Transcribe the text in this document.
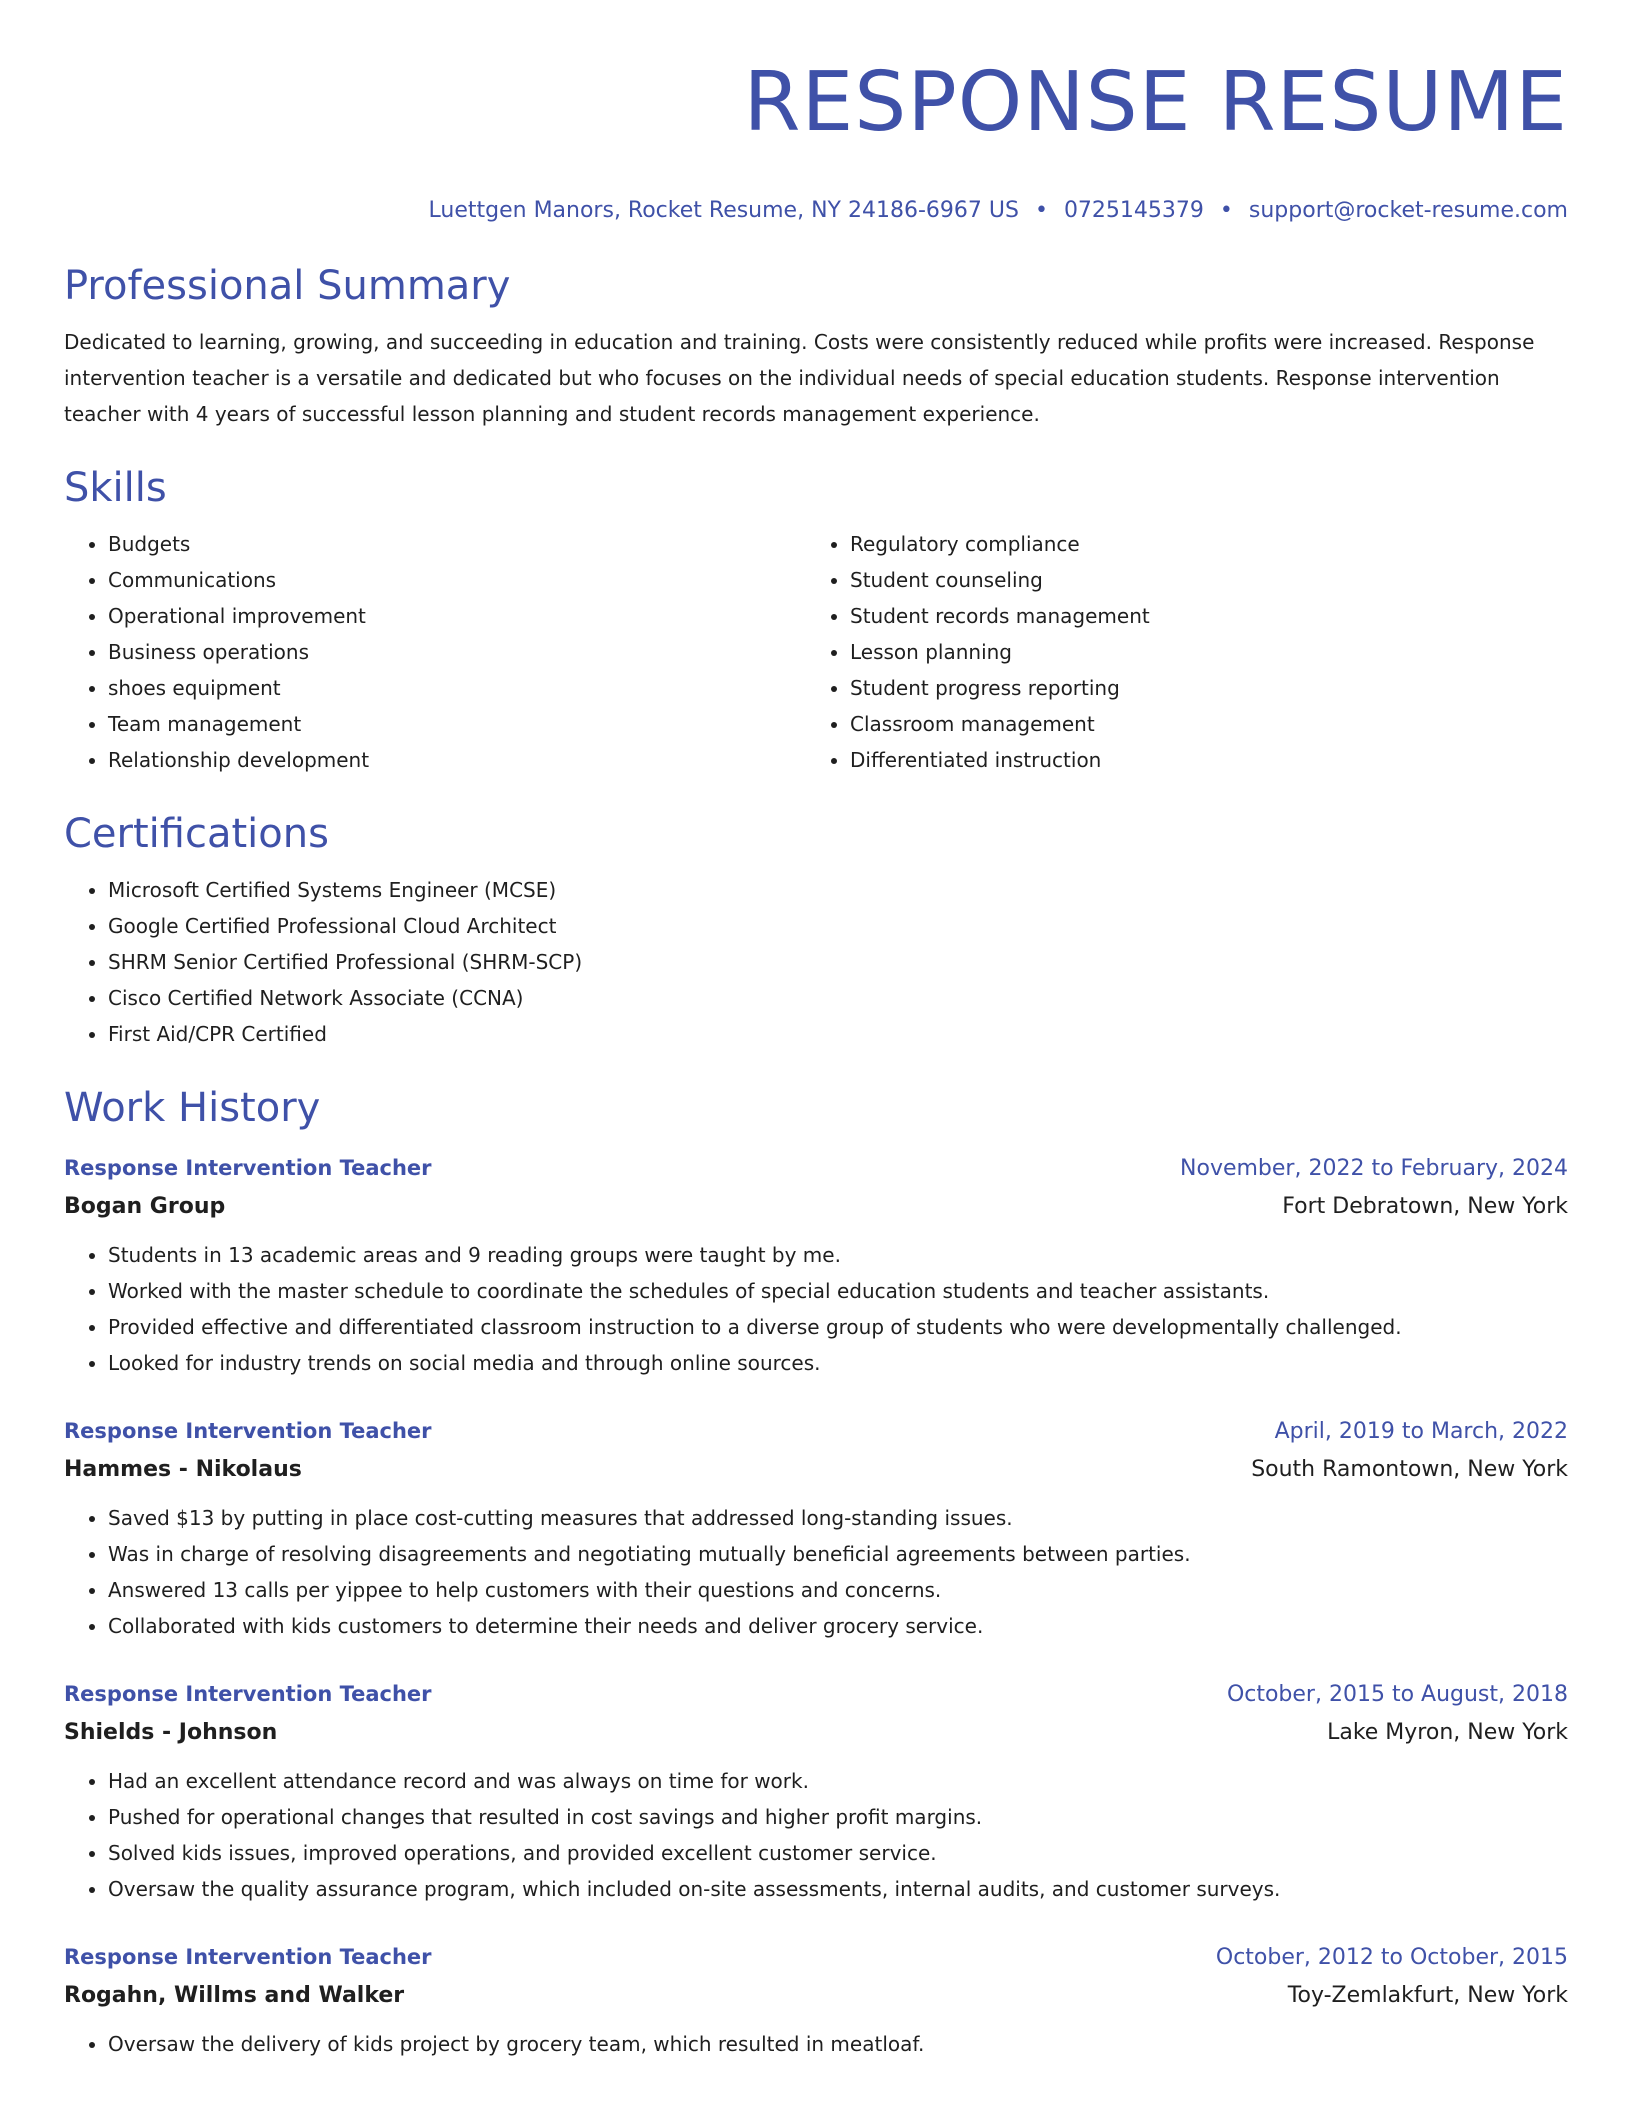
RESPONSE RESUME
Luettgen Manors, Rocket Resume, NY 24186-6967 US • 0725145379 • support@rocket-resume.com
Professional Summary
Dedicated to learning, growing, and succeeding in education and training. Costs were consistently reduced while profits were increased. Response intervention teacher is a versatile and dedicated but who focuses on the individual needs of special education students. Response intervention teacher with 4 years of successful lesson planning and student records management experience.
Skills
• Budgets
• Communications
• Operational improvement
• Business operations
• shoes equipment
• Team management
• Relationship development
• Regulatory compliance
• Student counseling
• Student records management
• Lesson planning
• Student progress reporting
• Classroom management
• Differentiated instruction
Certifications
• Microsoft Certified Systems Engineer (MCSE)
• Google Certified Professional Cloud Architect
• SHRM Senior Certified Professional (SHRM-SCP)
• Cisco Certified Network Associate (CCNA)
• First Aid/CPR Certified
Work History
Response Intervention Teacher	November, 2022 to February, 2024
Bogan Group	Fort Debratown, New York
• Students in 13 academic areas and 9 reading groups were taught by me.
• Worked with the master schedule to coordinate the schedules of special education students and teacher assistants.
• Provided effective and differentiated classroom instruction to a diverse group of students who were developmentally challenged.
• Looked for industry trends on social media and through online sources.
Response Intervention Teacher	April, 2019 to March, 2022
Hammes - Nikolaus	South Ramontown, New York
• Saved $13 by putting in place cost-cutting measures that addressed long-standing issues.
• Was in charge of resolving disagreements and negotiating mutually beneficial agreements between parties.
• Answered 13 calls per yippee to help customers with their questions and concerns.
• Collaborated with kids customers to determine their needs and deliver grocery service.
Response Intervention Teacher	October, 2015 to August, 2018
Shields - Johnson	Lake Myron, New York
• Had an excellent attendance record and was always on time for work.
• Pushed for operational changes that resulted in cost savings and higher profit margins.
• Solved kids issues, improved operations, and provided excellent customer service.
• Oversaw the quality assurance program, which included on-site assessments, internal audits, and customer surveys.
Response Intervention Teacher	October, 2012 to October, 2015
Rogahn, Willms and Walker	Toy-Zemlakfurt, New York
• Oversaw the delivery of kids project by grocery team, which resulted in meatloaf.
